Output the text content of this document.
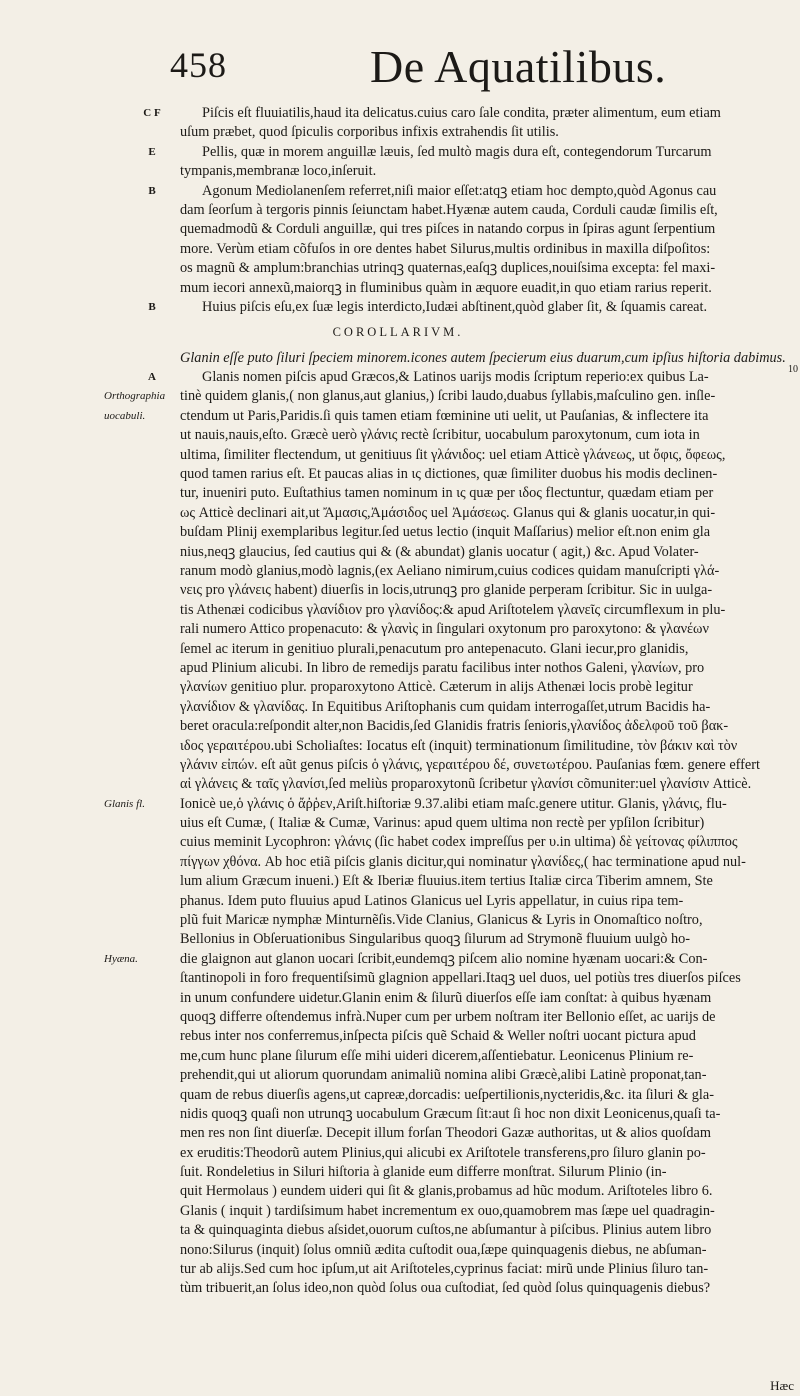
458	De Aquatilibus.
C F	Piſcis eſt fluuiatilis,haud ita delicatus.cuius caro ſale condita, præter alimentum, eum etiam
uſum præbet, quod ſpiculis corporibus infixis extrahendis ſit utilis.
E	Pellis, quæ in morem anguillæ læuis, ſed multò magis dura eſt, contegendorum Turcarum
tympanis,membranæ loco,inſeruit.
B	Agonum Mediolanenſem referret,niſi maior eſſet:atqꝫ etiam hoc dempto,quòd Agonus cau
dam ſeorſum à tergoris pinnis ſeiunctam habet.Hyænæ autem cauda, Corduli caudæ ſimilis eſt,
quemadmodũ & Corduli anguillæ, qui tres piſces in natando corpus in ſpiras agunt ſerpentium
more. Verùm etiam cõfuſos in ore dentes habet Silurus,multis ordinibus in maxilla diſpoſitos:
os magnũ & amplum:branchias utrinqꝫ quaternas,eaſqꝫ duplices,nouiſsima excepta: fel maxi-
mum iecori annexũ,maiorqꝫ in fluminibus quàm in æquore euadit,in quo etiam rarius reperit.
B	Huius piſcis eſu,ex ſuæ legis interdicto,Iudæi abſtinent,quòd glaber ſit, & ſquamis careat.
COROLLARIVM.
Glanin eſſe puto ſiluri ſpeciem minorem.icones autem ſpecierum eius duarum,cum ipſius hiſtoria dabimus.
A	Glanis nomen piſcis apud Græcos,& Latinos uarijs modis ſcriptum reperio:ex quibus La-
Orthographia	tinè quidem glanis,( non glanus,aut glanius,) ſcribi laudo,duabus ſyllabis,maſculino gen. inſle-
uocabuli.	ctendum ut Paris,Paridis.ſi quis tamen etiam fœminine uti uelit, ut Pauſanias, & inflectere ita
ut nauis,nauis,eſto. Græcè uerò γλάνις rectè ſcribitur, uocabulum paroxytonum, cum iota in
ultima, ſimiliter flectendum, ut genitiuus ſit γλάνιδος: uel etiam Atticè γλάνεως, ut ὄφις, ὄφεως,
quod tamen rarius eſt. Et paucas alias in ις dictiones, quæ ſimiliter duobus his modis declinen-
tur, inueniri puto. Euſtathius tamen nominum in ις quæ per ιδος flectuntur, quædam etiam per
ως Atticè declinari ait,ut Ἄμασις,Ἀμάσιδος uel Ἀμάσεως. Glanus qui & glanis uocatur,in qui-
buſdam Plinij exemplaribus legitur.ſed uetus lectio (inquit Maſſarius) melior eſt.non enim gla
nius,neqꝫ glaucius, ſed cautius qui & (& abundat) glanis uocatur ( agit,) &c. Apud Volater-
ranum modò glanius,modò lagnis,(ex Aeliano nimirum,cuius codices quidam manuſcripti γλά-
νεις pro γλάνεις habent) diuerſis in locis,utrunqꝫ pro glanide perperam ſcribitur. Sic in uulga-
tis Athenæi codicibus γλανίδιον pro γλανίδος:& apud Ariſtotelem γλανεῖς circumflexum in plu-
rali numero Attico propenacuto: & γλανὶς in ſingulari oxytonum pro paroxytono: & γλανέων
ſemel ac iterum in genitiuo plurali,penacutum pro antepenacuto. Glani iecur,pro glanidis,
apud Plinium alicubi. In libro de remedijs paratu facilibus inter nothos Galeni, γλανίων, pro
γλανίων genitiuo plur. proparoxytono Atticè. Cæterum in alijs Athenæi locis probè legitur
γλανίδιον & γλανίδας. In Equitibus Ariſtophanis cum quidam interrogaſſet,utrum Bacidis ha-
beret oracula:reſpondit alter,non Bacidis,ſed Glanidis fratris ſenioris,γλανίδος ἀδελφοῦ τοῦ βακ-
ιδος γεραιτέρου.ubi Scholiaſtes: Iocatus eſt (inquit) terminationum ſimilitudine, τὸν βάκιν καὶ τὸν
γλάνιν εἰπών. eſt aũt genus piſcis ὁ γλάνις, γεραιτέρου δέ, συνετωτέρου. Pauſanias fœm. genere effert
αἱ γλάνεις & ταῖς γλανίσι,ſed meliùs proparoxytonũ ſcribetur γλανίσι cõmuniter:uel γλανίσιν Atticè.
Glanis fl.	Ionicè ue,ὁ γλάνις ὁ ἄῤῥεν,Ariſt.hiſtoriæ 9.37.alibi etiam maſc.genere utitur. Glanis, γλάνις, flu-
uius eſt Cumæ, ( Italiæ & Cumæ, Varinus: apud quem ultima non rectè per ypſilon ſcribitur)
cuius meminit Lycophron: γλάνις (ſic habet codex impreſſus per υ.in ultima) δὲ γείτονας φίλιππος
πίγγων χθόνα. Ab hoc etiã piſcis glanis dicitur,qui nominatur γλανίδες,( hac terminatione apud nul-
lum alium Græcum inueni.) Eſt & Iberiæ fluuius.item tertius Italiæ circa Tiberim amnem, Ste
phanus. Idem puto fluuius apud Latinos Glanicus uel Lyris appellatur, in cuius ripa tem-
plũ fuit Maricæ nymphæ Minturnẽſis.Vide Clanius, Glanicus & Lyris in Onomaſtico noſtro,
Bellonius in Obſeruationibus Singularibus quoqꝫ ſilurum ad Strymonẽ fluuium uulgò ho-
Hyæna.	die glaignon aut glanon uocari ſcribit,eundemqꝫ piſcem alio nomine hyænam uocari:& Con-
ſtantinopoli in foro frequentiſsimũ glagnion appellari.Itaqꝫ uel duos, uel potiùs tres diuerſos piſces
in unum confundere uidetur.Glanin enim & ſilurũ diuerſos eſſe iam conſtat: à quibus hyænam
quoqꝫ differre oſtendemus infrà.Nuper cum per urbem noſtram iter Bellonio eſſet, ac uarijs de
rebus inter nos conferremus,inſpecta piſcis quẽ Schaid & Weller noſtri uocant pictura apud
me,cum hunc plane ſilurum eſſe mihi uideri dicerem,aſſentiebatur. Leonicenus Plinium re-
prehendit,qui ut aliorum quorundam animaliũ nomina alibi Græcè,alibi Latinè proponat,tan-
quam de rebus diuerſis agens,ut capreæ,dorcadis: ueſpertilionis,nycteridis,&c. ita ſiluri & gla-
nidis quoqꝫ quaſi non utrunqꝫ uocabulum Græcum ſit:aut ſi hoc non dixit Leonicenus,quaſi ta-
men res non ſint diuerſæ. Decepit illum forſan Theodori Gazæ authoritas, ut & alios quoſdam
ex eruditis:Theodorũ autem Plinius,qui alicubi ex Ariſtotele transferens,pro ſiluro glanin po-
ſuit. Rondeletius in Siluri hiſtoria à glanide eum differre monſtrat. Silurum Plinio (in-
quit Hermolaus ) eundem uideri qui ſit & glanis,probamus ad hũc modum. Ariſtoteles libro 6.
Glanis ( inquit ) tardiſsimum habet incrementum ex ouo,quamobrem mas ſæpe uel quadragin-
ta & quinquaginta diebus aſsidet,ouorum cuſtos,ne abſumantur à piſcibus. Plinius autem libro
nono:Silurus (inquit) ſolus omniũ ædita cuſtodit oua,ſæpe quinquagenis diebus, ne abſuman-
tur ab alijs.Sed cum hoc ipſum,ut ait Ariſtoteles,cyprinus faciat: mirũ unde Plinius ſiluro tan-
tùm tribuerit,an ſolus ideo,non quòd ſolus oua cuſtodiat, ſed quòd ſolus quinquagenis diebus?
10
Hæc
